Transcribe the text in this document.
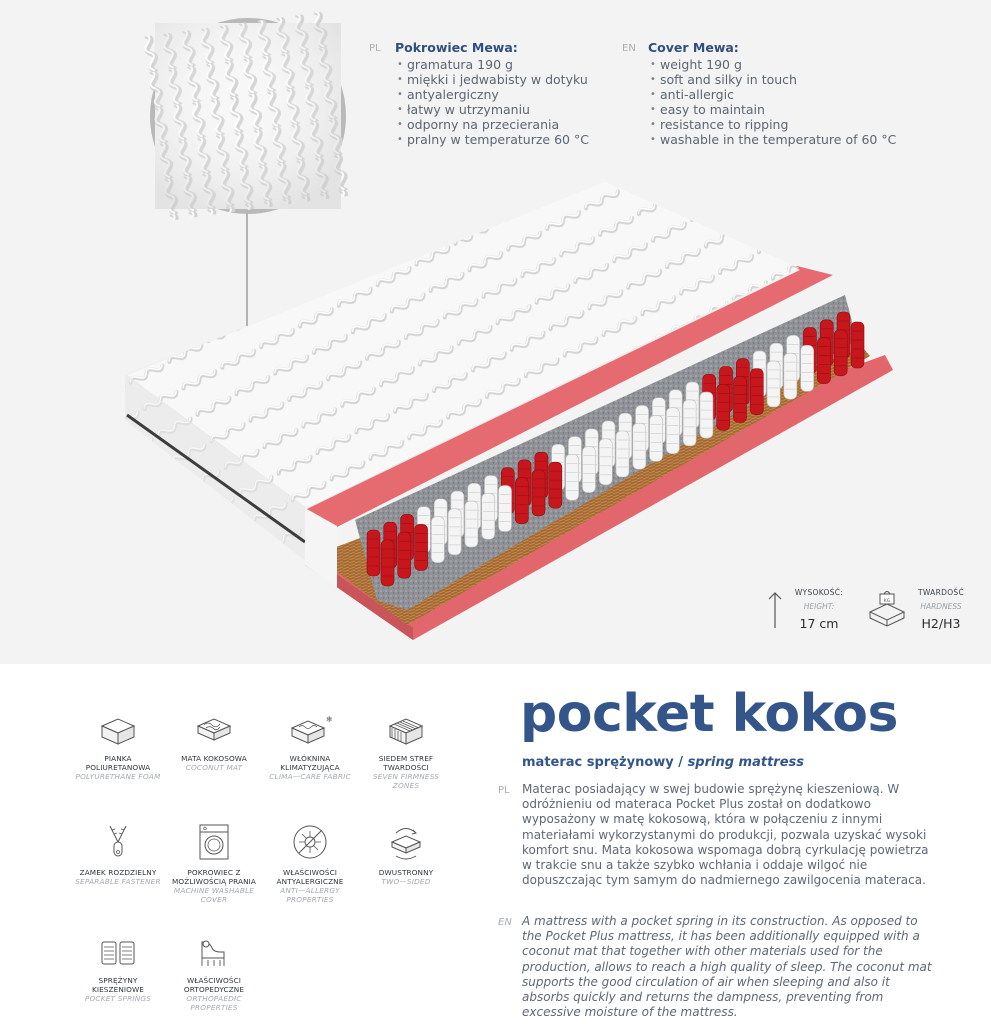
PL Pokrowiec Mewa:
• gramatura 190 g
• miękki i jedwabisty w dotyku
• antyalergiczny
• łatwy w utrzymaniu
• odporny na przecierania
• pralny w temperaturze 60 °C
EN Cover Mewa:
• weight 190 g
• soft and silky in touch
• anti-allergic
• easy to maintain
• resistance to ripping
• washable in the temperature of 60 °C
WYSOKOŚĆ:
HEIGHT:
17 cm
KG
TWARDOŚĆ
HARDNESS
H2/H3
PIANKA POLIURETANOWA
POLYURETHANE FOAM
MATA KOKOSOWA
COCONUT MAT
❄
WŁÓKNINA KLIMATYZUJĄCA
CLIMA—CARE FABRIC
SIEDEM STREF TWARDOŚCI
SEVEN FIRMNESS ZONES
ZAMEK ROZDZIELNY
SEPARABLE FASTENER
POKROWIEC Z MOŻLIWOŚCIĄ PRANIA
MACHINE WASHABLE COVER
WŁAŚCIWOŚCI ANTYALERGICZNE
ANTI—ALLERGY PROPERTIES
DWUSTRONNY
TWO—SIDED
SPRĘŻYNY KIESZENIOWE
POCKET SPRINGS
WŁAŚCIWOŚCI ORTOPEDYCZNE
ORTHOPAEDIC PROPERTIES
pocket kokos
materac sprężynowy / spring mattress
PL Materac posiadający w swej budowie sprężynę kieszeniową. W odróżnieniu od materaca Pocket Plus został on dodatkowo wyposażony w matę kokosową, która w połączeniu z innymi materiałami wykorzystanymi do produkcji, pozwala uzyskać wysoki komfort snu. Mata kokosowa wspomaga dobrą cyrkulację powietrza w trakcie snu a także szybko wchłania i oddaje wilgoć nie dopuszczając tym samym do nadmiernego zawilgocenia materaca.
EN A mattress with a pocket spring in its construction. As opposed to the Pocket Plus mattress, it has been additionally equipped with a coconut mat that together with other materials used for the production, allows to reach a high quality of sleep. The coconut mat supports the good circulation of air when sleeping and also it absorbs quickly and returns the dampness, preventing from excessive moisture of the mattress.
